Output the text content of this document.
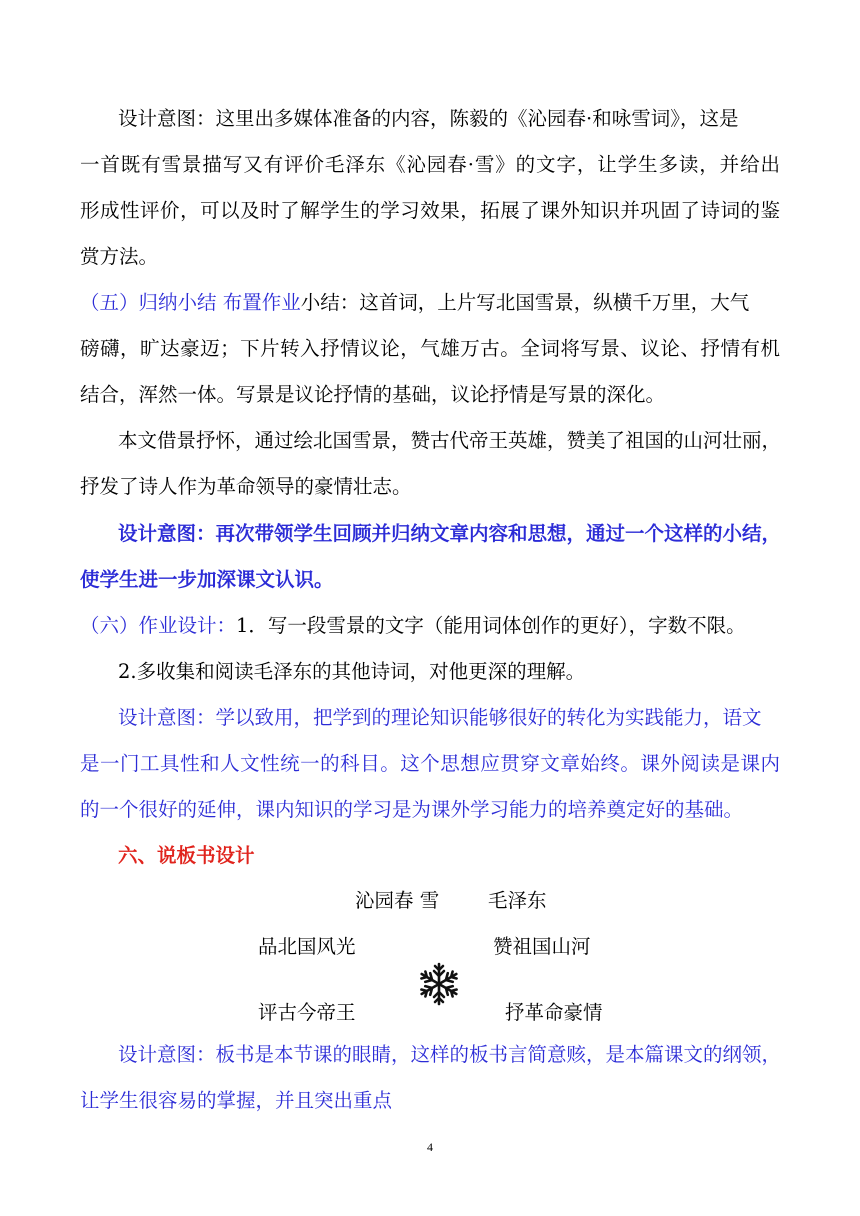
设计意图：这里出多媒体准备的内容，陈毅的《沁园春·和咏雪词》，这是
一首既有雪景描写又有评价毛泽东《沁园春·雪》的文字，让学生多读，并给出
形成性评价，可以及时了解学生的学习效果，拓展了课外知识并巩固了诗词的鉴
赏方法。
（五）归纳小结 布置作业小结：这首词，上片写北国雪景，纵横千万里，大气
磅礴，旷达豪迈；下片转入抒情议论，气雄万古。全词将写景、议论、抒情有机
结合，浑然一体。写景是议论抒情的基础，议论抒情是写景的深化。
本文借景抒怀，通过绘北国雪景，赞古代帝王英雄，赞美了祖国的山河壮丽，
抒发了诗人作为革命领导的豪情壮志。
设计意图：再次带领学生回顾并归纳文章内容和思想，通过一个这样的小结，
使学生进一步加深课文认识。
（六）作业设计：1．写一段雪景的文字（能用词体创作的更好），字数不限。
2.多收集和阅读毛泽东的其他诗词，对他更深的理解。
设计意图：学以致用，把学到的理论知识能够很好的转化为实践能力，语文
是一门工具性和人文性统一的科目。这个思想应贯穿文章始终。课外阅读是课内
的一个很好的延伸，课内知识的学习是为课外学习能力的培养奠定好的基础。
六、说板书设计
沁园春 雪	毛泽东
品北国风光	赞祖国山河
评古今帝王	抒革命豪情
设计意图：板书是本节课的眼睛，这样的板书言简意赅，是本篇课文的纲领，
让学生很容易的掌握，并且突出重点
4
